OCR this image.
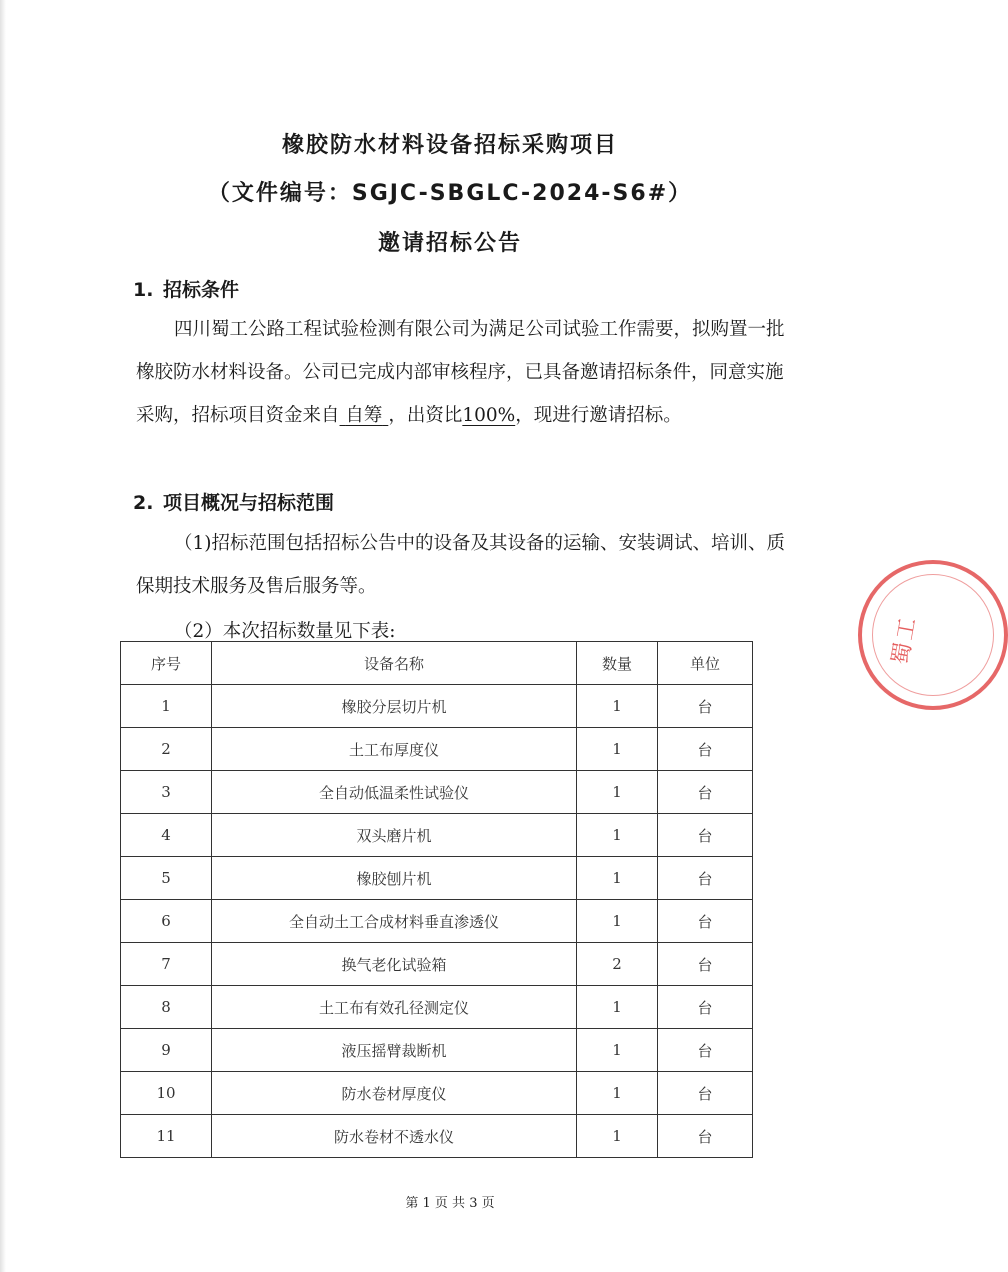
橡胶防水材料设备招标采购项目
（文件编号：SGJC-SBGLC-2024-S6#）
邀请招标公告
1. 招标条件

四川蜀工公路工程试验检测有限公司为满足公司试验工作需要，拟购置一批橡胶防水材料设备。公司已完成内部审核程序，已具备邀请招标条件，同意实施采购，招标项目资金来自 自筹 ，出资比100%，现进行邀请招标。

2. 项目概况与招标范围

（1)招标范围包括招标公告中的设备及其设备的运输、安装调试、培训、质保期技术服务及售后服务等。

（2）本次招标数量见下表:

序号	设备名称	数量	单位
1	橡胶分层切片机	1	台
2	土工布厚度仪	1	台
3	全自动低温柔性试验仪	1	台
4	双头磨片机	1	台
5	橡胶刨片机	1	台
6	全自动土工合成材料垂直渗透仪	1	台
7	换气老化试验箱	2	台
8	土工布有效孔径测定仪	1	台
9	液压摇臂裁断机	1	台
10	防水卷材厚度仪	1	台
11	防水卷材不透水仪	1	台
第 1 页 共 3 页
蜀工
